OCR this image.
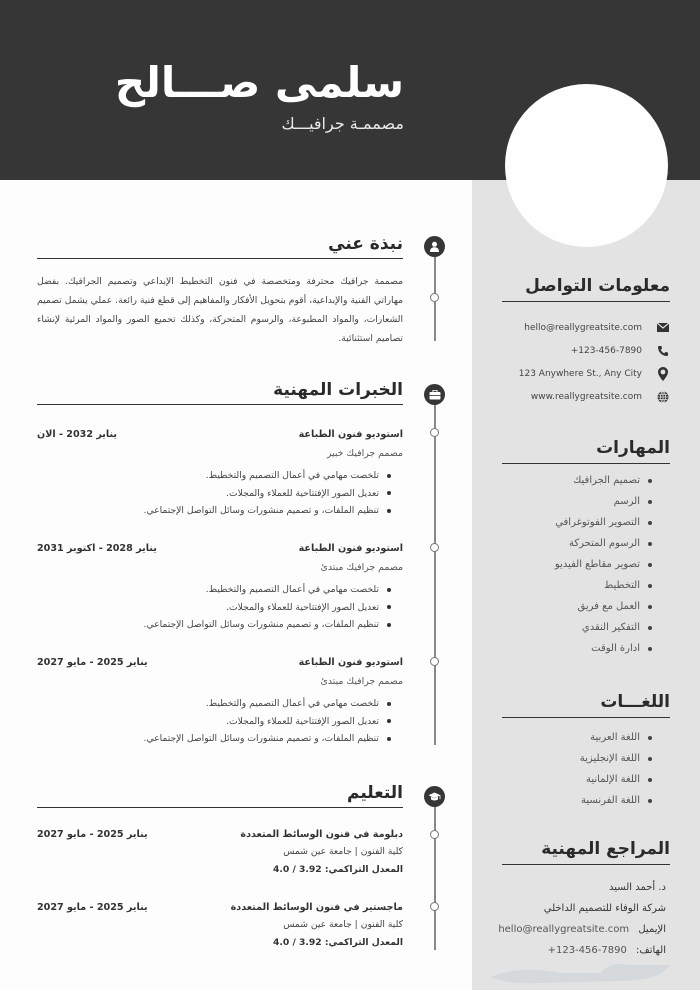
سلمى صـــالح
مصممـة جرافيـــك
معلومات التواصل
hello@reallygreatsite.com
+123-456-7890
123 Anywhere St., Any City
www.reallygreatsite.com
المهارات
تصميم الجرافيك
الرسم
التصوير الفوتوغرافي
الرسوم المتحركة
تصوير مقاطع الفيديو
التخطيط
العمل مع فريق
التفكير النقدي
ادارة الوقت
اللغـــات
اللغة العربية
اللغة الإنجليزية
اللغة الإلمانية
اللغة الفرنسية
المراجع المهنية
د. أحمد السيد
شركة الوفاء للتصميم الداخلي
الإيميل hello@reallygreatsite.com
الهاتف: +123-456-7890
نبذة عني
مصممة جرافيك محترفة ومتخصصة في فنون التخطيط الإبداعي وتصميم الجرافيك. بفضل مهاراتي الفنية والإبداعية، أقوم بتحويل الأفكار والمفاهيم إلى قطع فنية رائعة. عملي يشمل تصميم الشعارات، والمواد المطبوعة، والرسوم المتحركة، وكذلك تحميع الصور والمواد المرئية لإنشاء تصاميم استثنائية.
الخبرات المهنية
استوديو فنون الطباعة
يناير 2032 - الان
مصمم جرافيك خبير
تلخصت مهامي في أعمال التصميم والتخطيط.
تعديل الصور الإفتتاحية للعملاء والمجلات.
تنظيم الملفات، و تصميم منشورات وسائل التواصل الإجتماعي.
استوديو فنون الطباعة
يناير 2028 - اكتوبر 2031
مصمم جرافيك مبتدئ
تلخصت مهامي في أعمال التصميم والتخطيط.
تعديل الصور الإفتتاحية للعملاء والمجلات.
تنظيم الملفات، و تصميم منشورات وسائل التواصل الإجتماعي.
استوديو فنون الطباعة
يناير 2025 - مايو 2027
مصمم جرافيك مبتدئ
تلخصت مهامي في أعمال التصميم والتخطيط.
تعديل الصور الإفتتاحية للعملاء والمجلات.
تنظيم الملفات، و تصميم منشورات وسائل التواصل الإجتماعي.
التعليم
دبلومة في فنون الوسائط المتعددة
يناير 2025 - مايو 2027
كلية الفنون | جامعة عين شمس
المعدل التراكمي: 3.92 / 4.0
ماجستير في فنون الوسائط المتعددة
يناير 2025 - مايو 2027
كلية الفنون | جامعة عين شمس
المعدل التراكمي: 3.92 / 4.0
